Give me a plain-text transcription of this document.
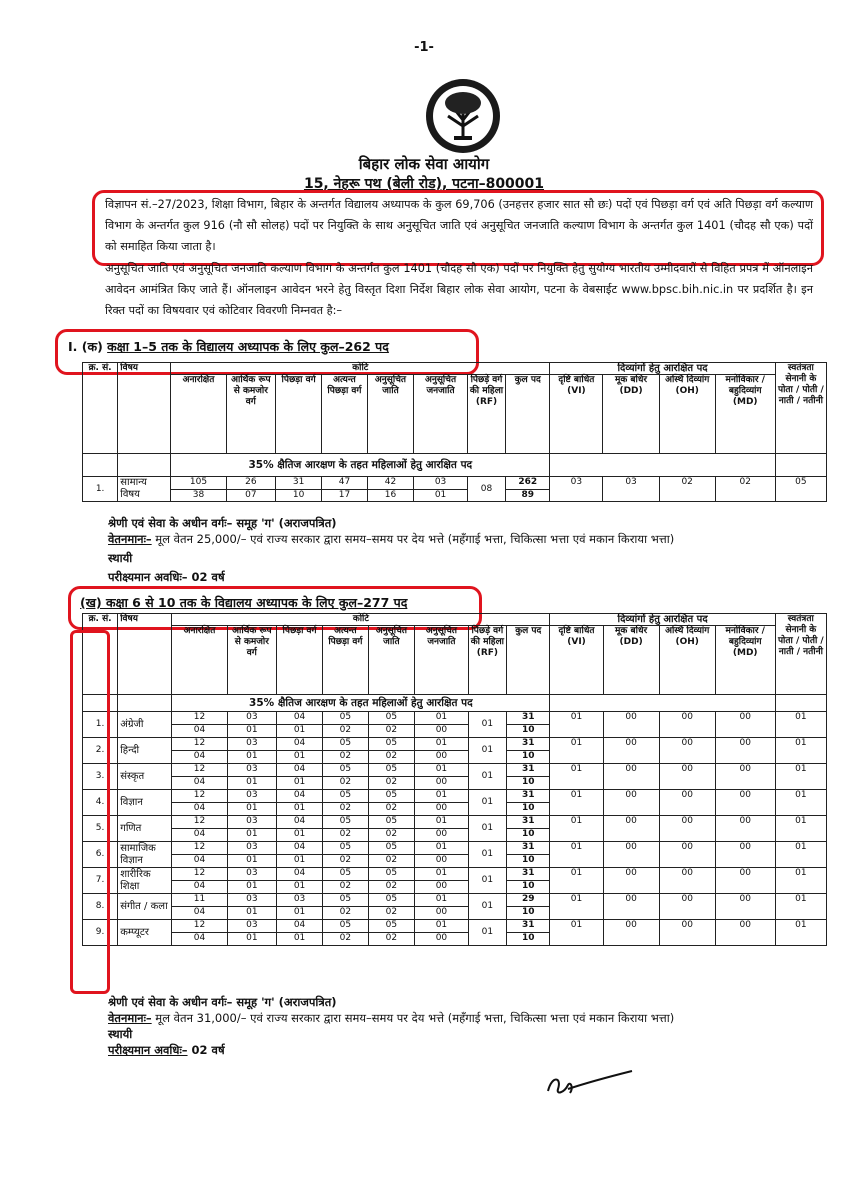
-1-
बिहार लोक सेवा आयोग
15, नेहरू पथ (बेली रोड), पटना–800001
विज्ञापन सं.–27/2023, शिक्षा विभाग, बिहार के अन्तर्गत विद्यालय अध्यापक के कुल 69,706 (उनहत्तर हजार सात सौ छः) पदों एवं पिछड़ा वर्ग एवं अति पिछड़ा वर्ग कल्याण विभाग के अन्तर्गत कुल 916 (नौ सौ सोलह) पदों पर नियुक्ति के साथ अनुसूचित जाति एवं अनुसूचित जनजाति कल्याण विभाग के अन्तर्गत कुल 1401 (चौदह सौ एक) पदों को समाहित किया जाता है।
अनुसूचित जाति एवं अनुसूचित जनजाति कल्याण विभाग के अन्तर्गत कुल 1401 (चौदह सौ एक) पदों पर नियुक्ति हेतु सुयोग्य भारतीय उम्मीदवारों से विहित प्रपत्र में ऑनलाइन आवेदन आमंत्रित किए जाते हैं। ऑनलाइन आवेदन भरने हेतु विस्तृत दिशा निर्देश बिहार लोक सेवा आयोग, पटना के वेबसाईट www.bpsc.bih.nic.in पर प्रदर्शित है। इन रिक्त पदों का विषयवार एवं कोटिवार विवरणी निम्नवत है:–
I. (क) कक्षा 1–5 तक के विद्यालय अध्यापक के लिए कुल–262 पद
क्र. सं.	विषय	कोटि								दिव्यांगों हेतु आरक्षित पद				स्वतंत्रता सेनानी के पोता / पोती / नाती / नतीनी
		अनारक्षित	आर्थिक रूप से कमजोर वर्ग	पिछड़ा वर्ग	अत्यन्त पिछड़ा वर्ग	अनुसूचित जाति	अनुसूचित जनजाति	पिछड़े वर्ग की महिला (RF)	कुल पद	दृष्टि बाधित (VI)	मूक बधिर (DD)	अस्थि दिव्यांग (OH)	मनोविकार / बहुदिव्यांग (MD)	
		35% क्षैतिज आरक्षण के तहत महिलाओं हेतु आरक्षित पद												
1.	सामान्य विषय	105	26	31	47	42	03	08	262	03	03	02	02	05
		38	07	10	17	16	01		89					
श्रेणी एवं सेवा के अधीन वर्गः– समूह 'ग' (अराजपत्रित)
वेतनमानः– मूल वेतन 25,000/– एवं राज्य सरकार द्वारा समय–समय पर देय भत्ते (महँगाई भत्ता, चिकित्सा भत्ता एवं मकान किराया भत्ता)
स्थायी
परीक्ष्यमान अवधिः– 02 वर्ष
(ख) कक्षा 6 से 10 तक के विद्यालय अध्यापक के लिए कुल–277 पद
क्र. सं.	विषय	कोटि								दिव्यांगों हेतु आरक्षित पद				स्वतंत्रता सेनानी के पोता / पोती / नाती / नतीनी
		अनारक्षित	आर्थिक रूप से कमजोर वर्ग	पिछड़ा वर्ग	अत्यन्त पिछड़ा वर्ग	अनुसूचित जाति	अनुसूचित जनजाति	पिछड़े वर्ग की महिला (RF)	कुल पद	दृष्टि बाधित (VI)	मूक बधिर (DD)	अस्थि दिव्यांग (OH)	मनोविकार / बहुदिव्यांग (MD)	
		35% क्षैतिज आरक्षण के तहत महिलाओं हेतु आरक्षित पद												
1.	अंग्रेजी	12	03	04	05	05	01	01	31	01	00	00	00	01
		04	01	01	02	02	00		10					
2.	हिन्दी	12	03	04	05	05	01	01	31	01	00	00	00	01
		04	01	01	02	02	00		10					
3.	संस्कृत	12	03	04	05	05	01	01	31	01	00	00	00	01
		04	01	01	02	02	00		10					
4.	विज्ञान	12	03	04	05	05	01	01	31	01	00	00	00	01
		04	01	01	02	02	00		10					
5.	गणित	12	03	04	05	05	01	01	31	01	00	00	00	01
		04	01	01	02	02	00		10					
6.	सामाजिक विज्ञान	12	03	04	05	05	01	01	31	01	00	00	00	01
		04	01	01	02	02	00		10					
7.	शारीरिक शिक्षा	12	03	04	05	05	01	01	31	01	00	00	00	01
		04	01	01	02	02	00		10					
8.	संगीत / कला	11	03	03	05	05	01	01	29	01	00	00	00	01
		04	01	01	02	02	00		10					
9.	कम्प्यूटर	12	03	04	05	05	01	01	31	01	00	00	00	01
		04	01	01	02	02	00		10					
श्रेणी एवं सेवा के अधीन वर्गः– समूह 'ग' (अराजपत्रित)
वेतनमानः– मूल वेतन 31,000/– एवं राज्य सरकार द्वारा समय–समय पर देय भत्ते (महँगाई भत्ता, चिकित्सा भत्ता एवं मकान किराया भत्ता)
स्थायी
परीक्ष्यमान अवधिः– 02 वर्ष
